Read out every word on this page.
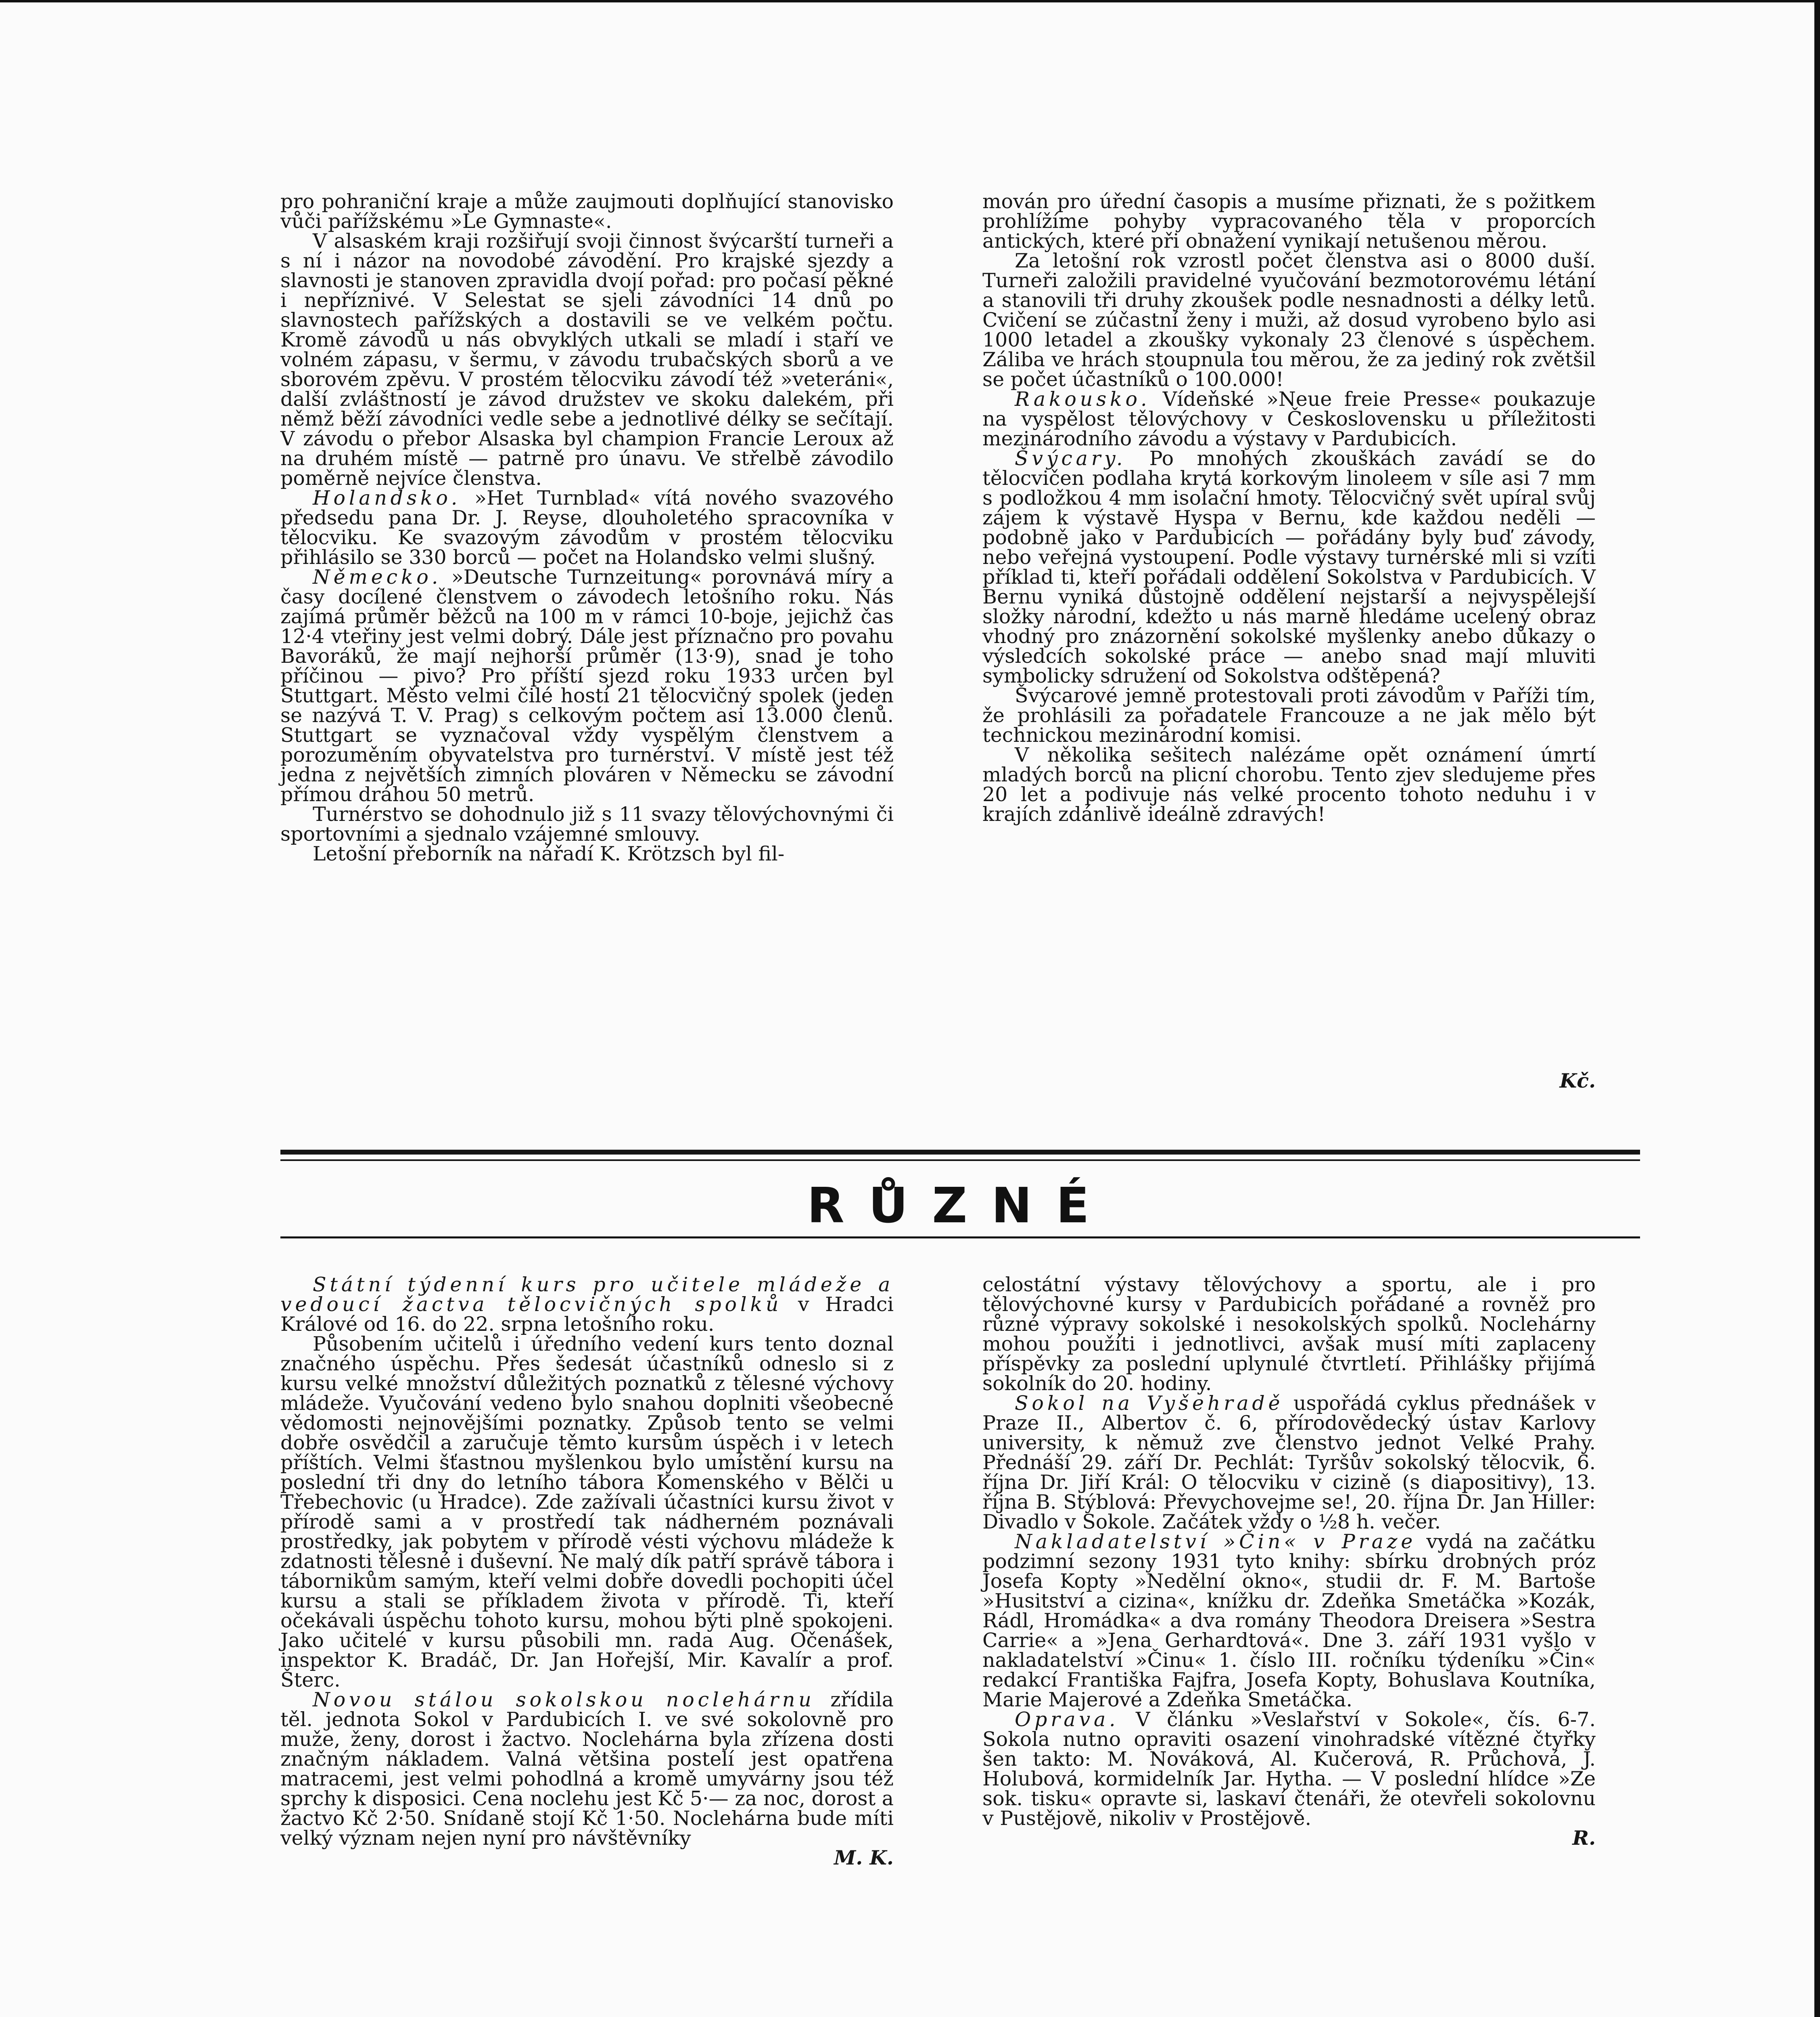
pro pohraniční kraje a může zaujmouti doplňující stanovisko vůči pařížskému »Le Gymnaste«.

V alsaském kraji rozšiřují svoji činnost švýcarští turneři a s ní i názor na novodobé závodění. Pro krajské sjezdy a slavnosti je stanoven zpravidla dvojí pořad: pro počasí pěkné i nepříznivé. V Selestat se sjeli závodníci 14 dnů po slavnostech pařížských a dostavili se ve velkém počtu. Kromě závodů u nás obvyklých utkali se mladí i staří ve volném zápasu, v šermu, v závodu trubačských sborů a ve sborovém zpěvu. V prostém tělocviku závodí též »veteráni«, další zvláštností je závod družstev ve skoku dalekém, při němž běží závodníci vedle sebe a jednotlivé délky se sečítají. V závodu o přebor Alsaska byl champion Francie Leroux až na druhém místě — patrně pro únavu. Ve střelbě závodilo poměrně nejvíce členstva.

Holandsko. »Het Turnblad« vítá nového svazového předsedu pana Dr. J. Reyse, dlouholetého spracovníka v tělocviku. Ke svazovým závodům v prostém tělocviku přihlásilo se 330 borců — počet na Holandsko velmi slušný.

Německo. »Deutsche Turnzeitung« porovnává míry a časy docílené členstvem o závodech letošního roku. Nás zajímá průměr běžců na 100 m v rámci 10-boje, jejichž čas 12·4 vteřiny jest velmi dobrý. Dále jest příznačno pro povahu Bavoráků, že mají nejhorší průměr (13·9), snad je toho příčinou — pivo? Pro příští sjezd roku 1933 určen byl Stuttgart. Město velmi čilé hostí 21 tělocvičný spolek (jeden se nazývá T. V. Prag) s celkovým počtem asi 13.000 členů. Stuttgart se vyznačoval vždy vyspělým členstvem a porozuměním obyvatelstva pro turnérství. V místě jest též jedna z největších zimních plováren v Německu se závodní přímou dráhou 50 metrů.

Turnérstvo se dohodnulo již s 11 svazy tělovýchovnými či sportovními a sjednalo vzájemné smlouvy.

Letošní přeborník na nářadí K. Krötzsch byl fil-

mován pro úřední časopis a musíme přiznati, že s požitkem prohlížíme pohyby vypracovaného těla v proporcích antických, které při obnažení vynikají netušenou měrou.

Za letošní rok vzrostl počet členstva asi o 8000 duší. Turneři založili pravidelné vyučování bezmotorovému létání a stanovili tři druhy zkoušek podle nesnadnosti a délky letů. Cvičení se zúčastní ženy i muži, až dosud vyrobeno bylo asi 1000 letadel a zkoušky vykonaly 23 členové s úspěchem. Záliba ve hrách stoupnula tou měrou, že za jediný rok zvětšil se počet účastníků o 100.000!

Rakousko. Vídeňské »Neue freie Presse« poukazuje na vyspělost tělovýchovy v Československu u příležitosti mezinárodního závodu a výstavy v Pardubicích.

Švýcary. Po mnohých zkouškách zavádí se do tělocvičen podlaha krytá korkovým linoleem v síle asi 7 mm s podložkou 4 mm isolační hmoty. Tělocvičný svět upíral svůj zájem k výstavě Hyspa v Bernu, kde každou neděli — podobně jako v Pardubicích — pořádány byly buď závody, nebo veřejná vystoupení. Podle výstavy turnérské mli si vzíti příklad ti, kteří pořádali oddělení Sokolstva v Pardubicích. V Bernu vyniká důstojně oddělení nejstarší a nejvyspělejší složky národní, kdežto u nás marně hledáme ucelený obraz vhodný pro znázornění sokolské myšlenky anebo důkazy o výsledcích sokolské práce — anebo snad mají mluviti symbolicky sdružení od Sokolstva odštěpená?

Švýcarové jemně protestovali proti závodům v Paříži tím, že prohlásili za pořadatele Francouze a ne jak mělo být technickou mezinárodní komisi.

V několika sešitech nalézáme opět oznámení úmrtí mladých borců na plicní chorobu. Tento zjev sledujeme přes 20 let a podivuje nás velké procento tohoto neduhu i v krajích zdánlivě ideálně zdravých!

Kč.
RŮZNÉ

Státní týdenní kurs pro učitele mládeže a vedoucí žactva tělocvičných spolků v Hradci Králové od 16. do 22. srpna letošního roku.

Působením učitelů i úředního vedení kurs tento doznal značného úspěchu. Přes šedesát účastníků odneslo si z kursu velké množství důležitých poznatků z tělesné výchovy mládeže. Vyučování vedeno bylo snahou doplniti všeobecné vědomosti nejnovějšími poznatky. Způsob tento se velmi dobře osvědčil a zaručuje těmto kursům úspěch i v letech příštích. Velmi šťastnou myšlenkou bylo umístění kursu na poslední tři dny do letního tábora Komenského v Bělči u Třebechovic (u Hradce). Zde zažívali účastníci kursu život v přírodě sami a v prostředí tak nádherném poznávali prostředky, jak pobytem v přírodě vésti výchovu mládeže k zdatnosti tělesné i duševní. Ne malý dík patří správě tábora i tábornikům samým, kteří velmi dobře dovedli pochopiti účel kursu a stali se příkladem života v přírodě. Ti, kteří očekávali úspěchu tohoto kursu, mohou býti plně spokojeni. Jako učitelé v kursu působili mn. rada Aug. Očenášek, inspektor K. Bradáč, Dr. Jan Hořejší, Mir. Kavalír a prof. Šterc.

Novou stálou sokolskou noclehárnu zřídila těl. jednota Sokol v Pardubicích I. ve své sokolovně pro muže, ženy, dorost i žactvo. Noclehárna byla zřízena dosti značným nákladem. Valná většina postelí jest opatřena matracemi, jest velmi pohodlná a kromě umyvárny jsou též sprchy k disposici. Cena noclehu jest Kč 5·— za noc, dorost a žactvo Kč 2·50. Snídaně stojí Kč 1·50. Noclehárna bude míti velký význam nejen nyní pro návštěvníky

M. K.

celostátní výstavy tělovýchovy a sportu, ale i pro tělovýchovné kursy v Pardubicích pořádané a rovněž pro různé výpravy sokolské i nesokolských spolků. Noclehárny mohou použíti i jednotlivci, avšak musí míti zaplaceny příspěvky za poslední uplynulé čtvrtletí. Přihlášky přijímá sokolník do 20. hodiny.

Sokol na Vyšehradě uspořádá cyklus přednášek v Praze II., Albertov č. 6, přírodovědecký ústav Karlovy university, k němuž zve členstvo jednot Velké Prahy. Přednáší 29. září Dr. Pechlát: Tyršův sokolský tělocvik, 6. října Dr. Jiří Král: O tělocviku v cizině (s diapositivy), 13. října B. Stýblová: Převychovejme se!, 20. října Dr. Jan Hiller: Divadlo v Sokole. Začátek vždy o ½8 h. večer.

Nakladatelství »Čin« v Praze vydá na začátku podzimní sezony 1931 tyto knihy: sbírku drobných próz Josefa Kopty »Nedělní okno«, studii dr. F. M. Bartoše »Husitství a cizina«, knížku dr. Zdeňka Smetáčka »Kozák, Rádl, Hromádka« a dva romány Theodora Dreisera »Sestra Carrie« a »Jena Gerhardtová«. Dne 3. září 1931 vyšlo v nakladatelství »Činu« 1. číslo III. ročníku týdeníku »Čin« redakcí Františka Fajfra, Josefa Kopty, Bohuslava Koutníka, Marie Majerové a Zdeňka Smetáčka.

Oprava. V článku »Veslařství v Sokole«, čís. 6-7. Sokola nutno opraviti osazení vinohradské vítězné čtyřky šen takto: M. Nováková, Al. Kučerová, R. Průchová, J. Holubová, kormidelník Jar. Hytha. — V poslední hlídce »Ze sok. tisku« opravte si, laskaví čtenáři, že otevřeli sokolovnu v Pustějově, nikoliv v Prostějově.

R.
